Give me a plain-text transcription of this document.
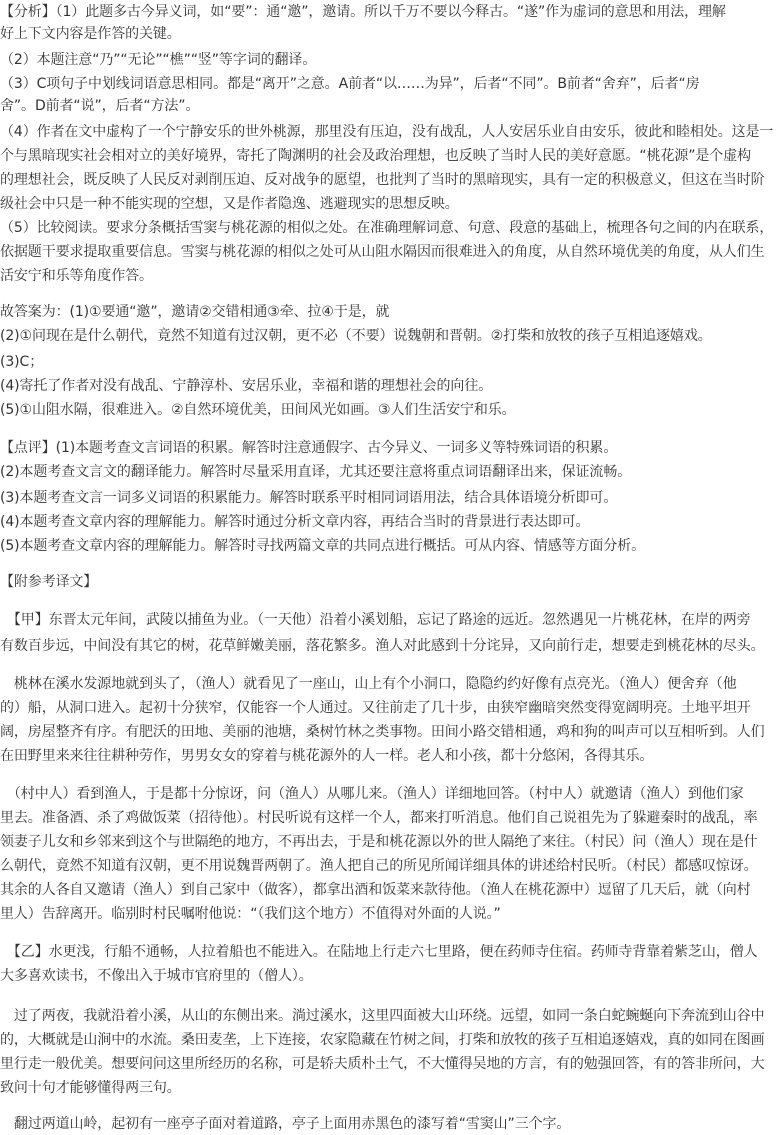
【分析】（1）此题多古今异义词，如“要”：通“邀”，邀请。所以千万不要以今释古。“遂”作为虚词的意思和用法，理解
好上下文内容是作答的关键。
（2）本题注意“乃”“无论”“樵”“竖”等字词的翻译。
（3）C项句子中划线词语意思相同。都是“离开”之意。A前者“以……为异”，后者“不同”。B前者“舍弃”，后者“房
舍”。D前者“说”，后者“方法”。
（4）作者在文中虚构了一个宁静安乐的世外桃源，那里没有压迫，没有战乱，人人安居乐业自由安乐，彼此和睦相处。这是一
个与黑暗现实社会相对立的美好境界，寄托了陶渊明的社会及政治理想，也反映了当时人民的美好意愿。“桃花源”是个虚构
的理想社会，既反映了人民反对剥削压迫、反对战争的愿望，也批判了当时的黑暗现实，具有一定的积极意义，但这在当时阶
级社会中只是一种不能实现的空想，又是作者隐逸、逃避现实的思想反映。
（5）比较阅读。要求分条概括雪窦与桃花源的相似之处。在准确理解词意、句意、段意的基础上，梳理各句之间的内在联系，
依据题干要求提取重要信息。雪窦与桃花源的相似之处可从山阻水隔因而很难进入的角度，从自然环境优美的角度，从人们生
活安宁和乐等角度作答。
故答案为：(1)①要通“邀”，邀请②交错相通③牵、拉④于是，就
(2)①问现在是什么朝代，竟然不知道有过汉朝，更不必（不要）说魏朝和晋朝。②打柴和放牧的孩子互相追逐嬉戏。
(3)C；
(4)寄托了作者对没有战乱、宁静淳朴、安居乐业，幸福和谐的理想社会的向往。
(5)①山阻水隔，很难进入。②自然环境优美，田间风光如画。③人们生活安宁和乐。
【点评】(1)本题考查文言词语的积累。解答时注意通假字、古今异义、一词多义等特殊词语的积累。
(2)本题考查文言文的翻译能力。解答时尽量采用直译，尤其还要注意将重点词语翻译出来，保证流畅。
(3)本题考查文言一词多义词语的积累能力。解答时联系平时相同词语用法，结合具体语境分析即可。
(4)本题考查文章内容的理解能力。解答时通过分析文章内容，再结合当时的背景进行表达即可。
(5)本题考查文章内容的理解能力。解答时寻找两篇文章的共同点进行概括。可从内容、情感等方面分析。
【附参考译文】
　【甲】东晋太元年间，武陵以捕鱼为业。（一天他）沿着小溪划船，忘记了路途的远近。忽然遇见一片桃花林，在岸的两旁
有数百步远，中间没有其它的树，花草鲜嫩美丽，落花繁多。渔人对此感到十分诧异，又向前行走，想要走到桃花林的尽头。
　桃林在溪水发源地就到头了，（渔人）就看见了一座山，山上有个小洞口，隐隐约约好像有点亮光。（渔人）便舍弃（他
的）船，从洞口进入。起初十分狭窄，仅能容一个人通过。又往前走了几十步，由狭窄幽暗突然变得宽阔明亮。土地平坦开
阔，房屋整齐有序。有肥沃的田地、美丽的池塘，桑树竹林之类事物。田间小路交错相通，鸡和狗的叫声可以互相听到。人们
在田野里来来往往耕种劳作，男男女女的穿着与桃花源外的人一样。老人和小孩，都十分悠闲，各得其乐。
　（村中人）看到渔人，于是都十分惊讶，问（渔人）从哪儿来。（渔人）详细地回答。（村中人）就邀请（渔人）到他们家
里去。准备酒、杀了鸡做饭菜（招待他）。村民听说有这样一个人，都来打听消息。他们自己说祖先为了躲避秦时的战乱，率
领妻子儿女和乡邻来到这个与世隔绝的地方，不再出去，于是和桃花源以外的世人隔绝了来往。（村民）问（渔人）现在是什
么朝代，竟然不知道有汉朝，更不用说魏晋两朝了。渔人把自己的所见所闻详细具体的讲述给村民听。（村民）都感叹惊讶。
其余的人各自又邀请（渔人）到自己家中（做客），都拿出酒和饭菜来款待他。（渔人在桃花源中）逗留了几天后，就（向村
里人）告辞离开。临别时村民嘱咐他说：“（我们这个地方）不值得对外面的人说。”
　【乙】水更浅，行船不通畅，人拉着船也不能进入。在陆地上行走六七里路，便在药师寺住宿。药师寺背靠着紫芝山，僧人
大多喜欢读书，不像出入于城市官府里的（僧人）。
　过了两夜，我就沿着小溪，从山的东侧出来。淌过溪水，这里四面被大山环绕。远望，如同一条白蛇蜿蜒向下奔流到山谷中
的，大概就是山涧中的水流。桑田麦垄，上下连接，农家隐藏在竹树之间，打柴和放牧的孩子互相追逐嬉戏，真的如同在图画
里行走一般优美。想要问问这里所经历的名称，可是轿夫质朴土气，不大懂得吴地的方言，有的勉强回答，有的答非所问，大
致问十句才能够懂得两三句。
　翻过两道山岭，起初有一座亭子面对着道路，亭子上面用赤黑色的漆写着“雪窦山”三个字。
